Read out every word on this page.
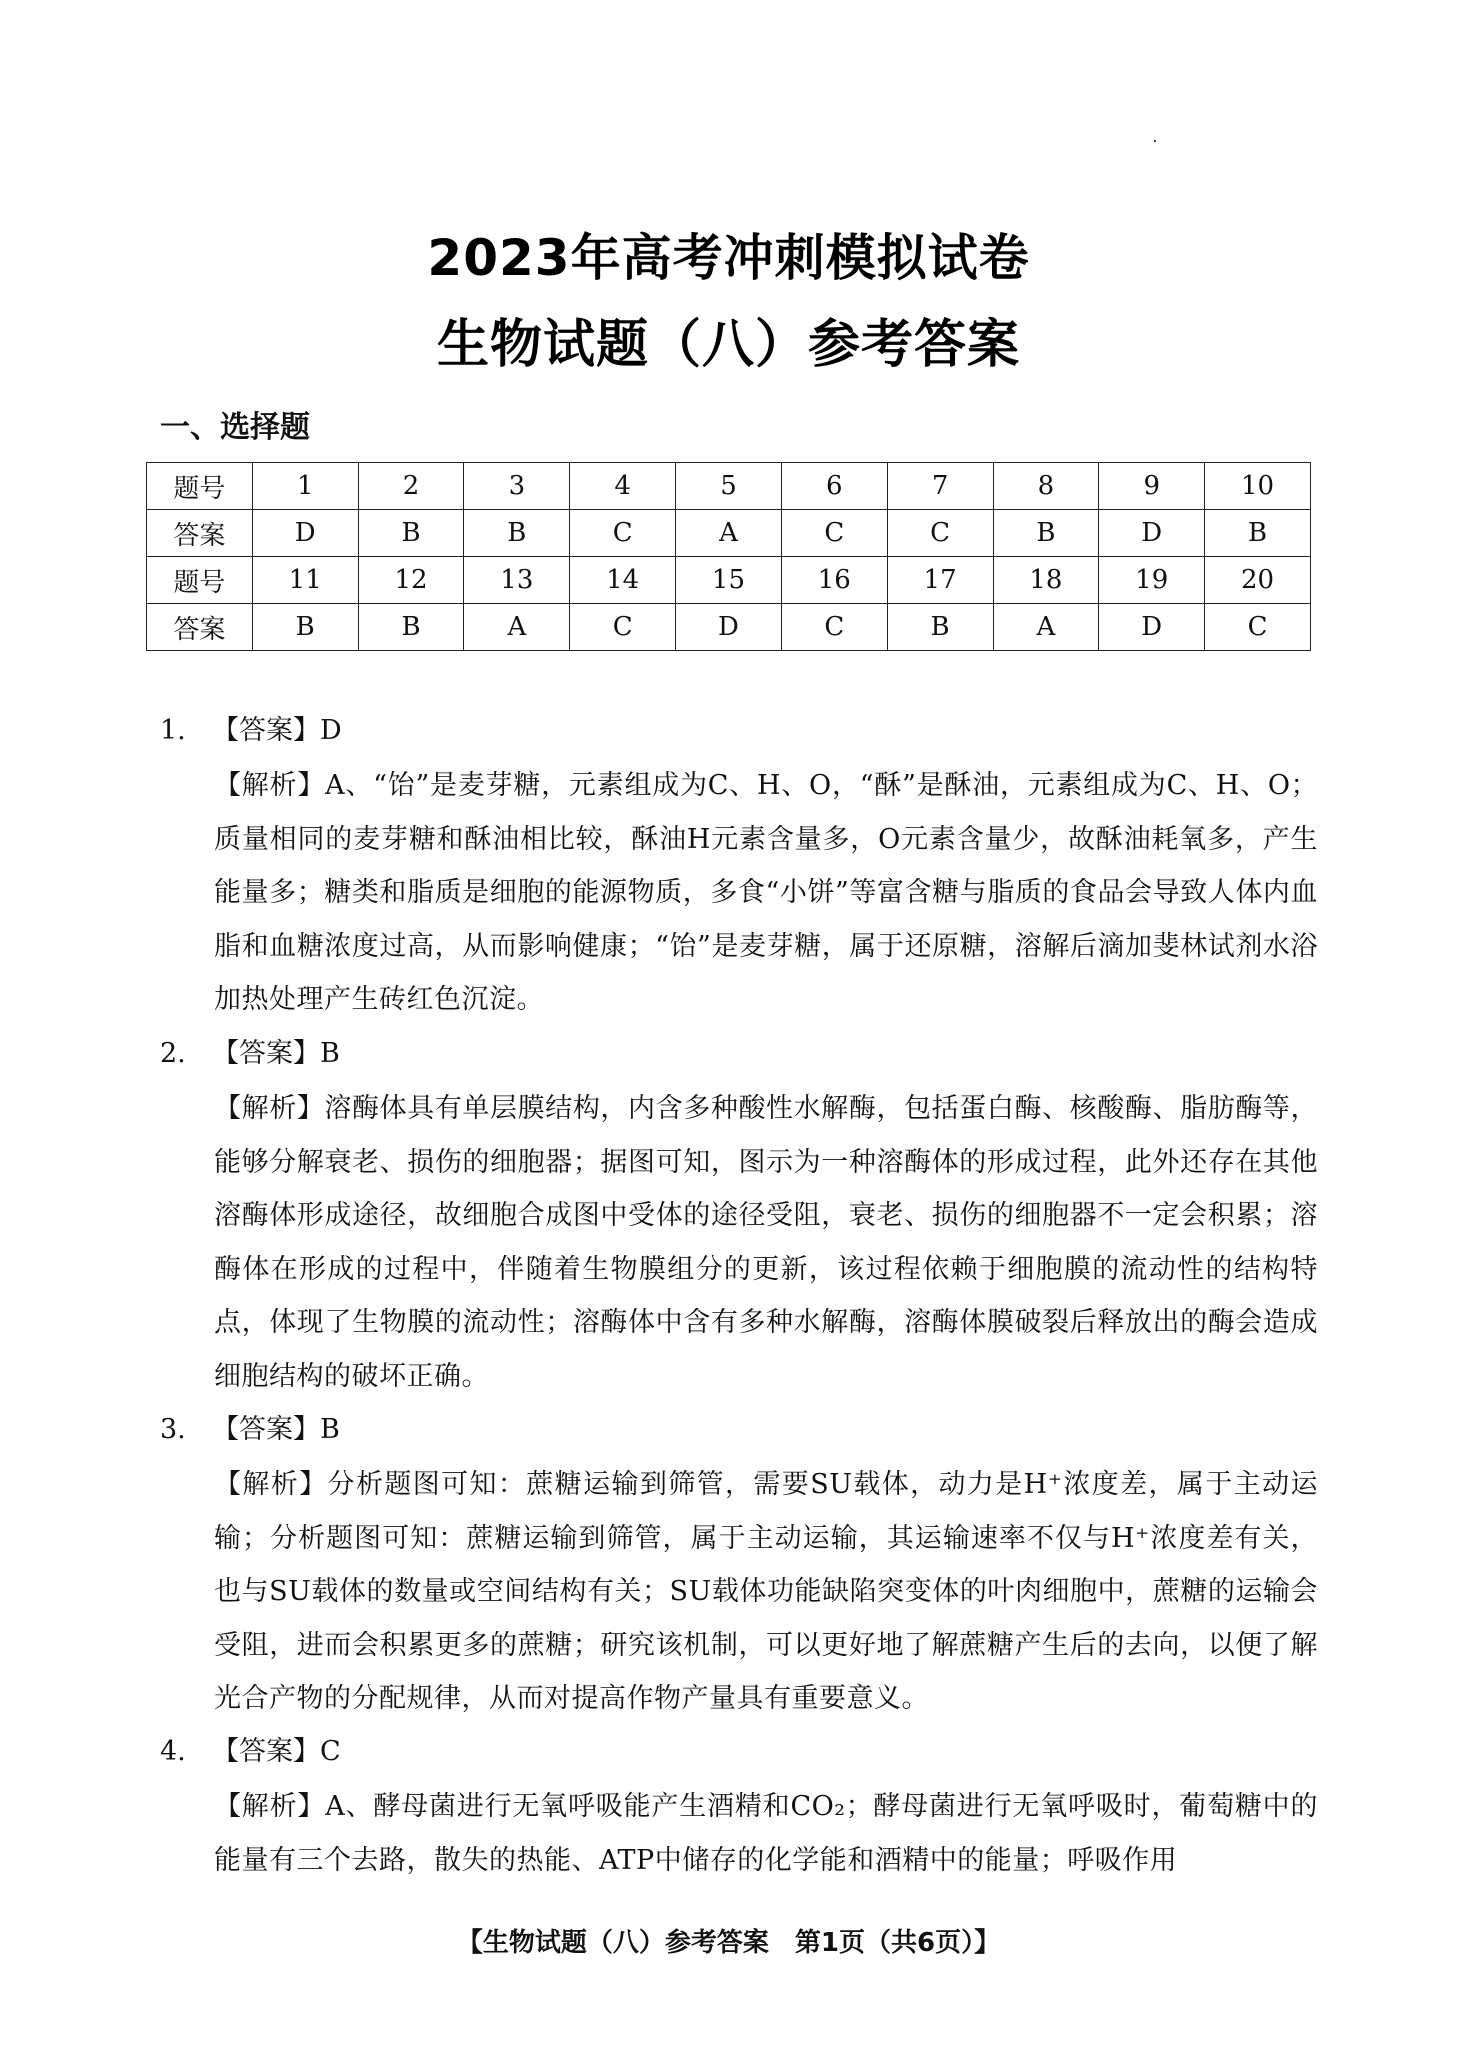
2023年高考冲刺模拟试卷
生物试题（八）参考答案
一、选择题
题号	1	2	3	4	5	6	7	8	9	10
答案	D	B	B	C	A	C	C	B	D	B
题号	11	12	13	14	15	16	17	18	19	20
答案	B	B	A	C	D	C	B	A	D	C
1. 【答案】D
【解析】A、“饴”是麦芽糖，元素组成为C、H、O，“酥”是酥油，元素组成为C、H、O；质量相同的麦芽糖和酥油相比较，酥油H元素含量多，O元素含量少，故酥油耗氧多，产生能量多；糖类和脂质是细胞的能源物质，多食“小饼”等富含糖与脂质的食品会导致人体内血脂和血糖浓度过高，从而影响健康；“饴”是麦芽糖，属于还原糖，溶解后滴加斐林试剂水浴加热处理产生砖红色沉淀。
2. 【答案】B
【解析】溶酶体具有单层膜结构，内含多种酸性水解酶，包括蛋白酶、核酸酶、脂肪酶等，能够分解衰老、损伤的细胞器；据图可知，图示为一种溶酶体的形成过程，此外还存在其他溶酶体形成途径，故细胞合成图中受体的途径受阻，衰老、损伤的细胞器不一定会积累；溶酶体在形成的过程中，伴随着生物膜组分的更新，该过程依赖于细胞膜的流动性的结构特点，体现了生物膜的流动性；溶酶体中含有多种水解酶，溶酶体膜破裂后释放出的酶会造成细胞结构的破坏正确。
3. 【答案】B
【解析】分析题图可知：蔗糖运输到筛管，需要SU载体，动力是H⁺浓度差，属于主动运输；分析题图可知：蔗糖运输到筛管，属于主动运输，其运输速率不仅与H⁺浓度差有关，也与SU载体的数量或空间结构有关；SU载体功能缺陷突变体的叶肉细胞中，蔗糖的运输会受阻，进而会积累更多的蔗糖；研究该机制，可以更好地了解蔗糖产生后的去向，以便了解光合产物的分配规律，从而对提高作物产量具有重要意义。
4. 【答案】C
【解析】A、酵母菌进行无氧呼吸能产生酒精和CO₂；酵母菌进行无氧呼吸时，葡萄糖中的能量有三个去路，散失的热能、ATP中储存的化学能和酒精中的能量；呼吸作用
【生物试题（八）参考答案　第1页（共6页）】
